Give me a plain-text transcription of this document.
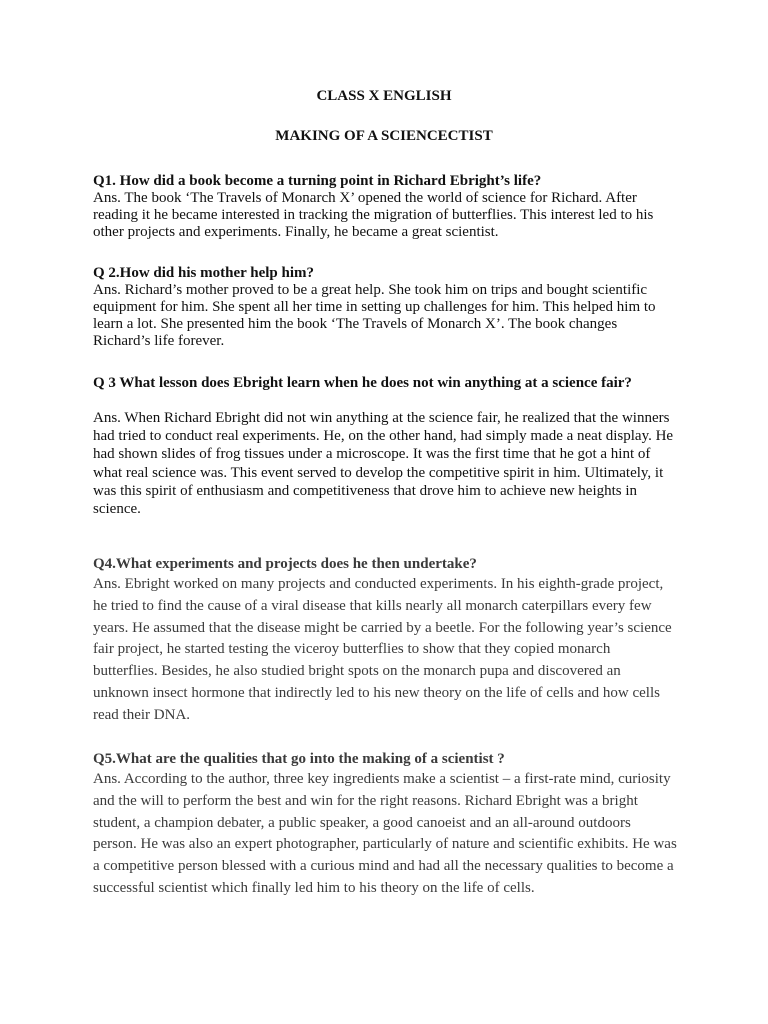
CLASS X ENGLISH
MAKING OF A SCIENCECTIST

Q1. How did a book become a turning point in Richard Ebright’s life?

Ans. The book ‘The Travels of Monarch X’ opened the world of science for Richard. After reading it he became interested in tracking the migration of butterflies. This interest led to his other projects and experiments. Finally, he became a great scientist.

Q 2.How did his mother help him?

Ans. Richard’s mother proved to be a great help. She took him on trips and bought scientific equipment for him. She spent all her time in setting up challenges for him. This helped him to learn a lot. She presented him the book ‘The Travels of Monarch X’. The book changes Richard’s life forever.

Q 3 What lesson does Ebright learn when he does not win anything at a science fair?

Ans. When Richard Ebright did not win anything at the science fair, he realized that the winners had tried to conduct real experiments. He, on the other hand, had simply made a neat display. He had shown slides of frog tissues under a microscope. It was the first time that he got a hint of what real science was. This event served to develop the competitive spirit in him. Ultimately, it was this spirit of enthusiasm and competitiveness that drove him to achieve new heights in science.

Q4.What experiments and projects does he then undertake?

Ans. Ebright worked on many projects and conducted experiments. In his eighth-grade project, he tried to find the cause of a viral disease that kills nearly all monarch caterpillars every few years. He assumed that the disease might be carried by a beetle. For the following year’s science fair project, he started testing the viceroy butterflies to show that they copied monarch butterflies. Besides, he also studied bright spots on the monarch pupa and discovered an unknown insect hormone that indirectly led to his new theory on the life of cells and how cells read their DNA.

Q5.What are the qualities that go into the making of a scientist ?

Ans. According to the author, three key ingredients make a scientist – a first-rate mind, curiosity and the will to perform the best and win for the right reasons. Richard Ebright was a bright student, a champion debater, a public speaker, a good canoeist and an all-around outdoors person. He was also an expert photographer, particularly of nature and scientific exhibits. He was a competitive person blessed with a curious mind and had all the necessary qualities to become a successful scientist which finally led him to his theory on the life of cells.
